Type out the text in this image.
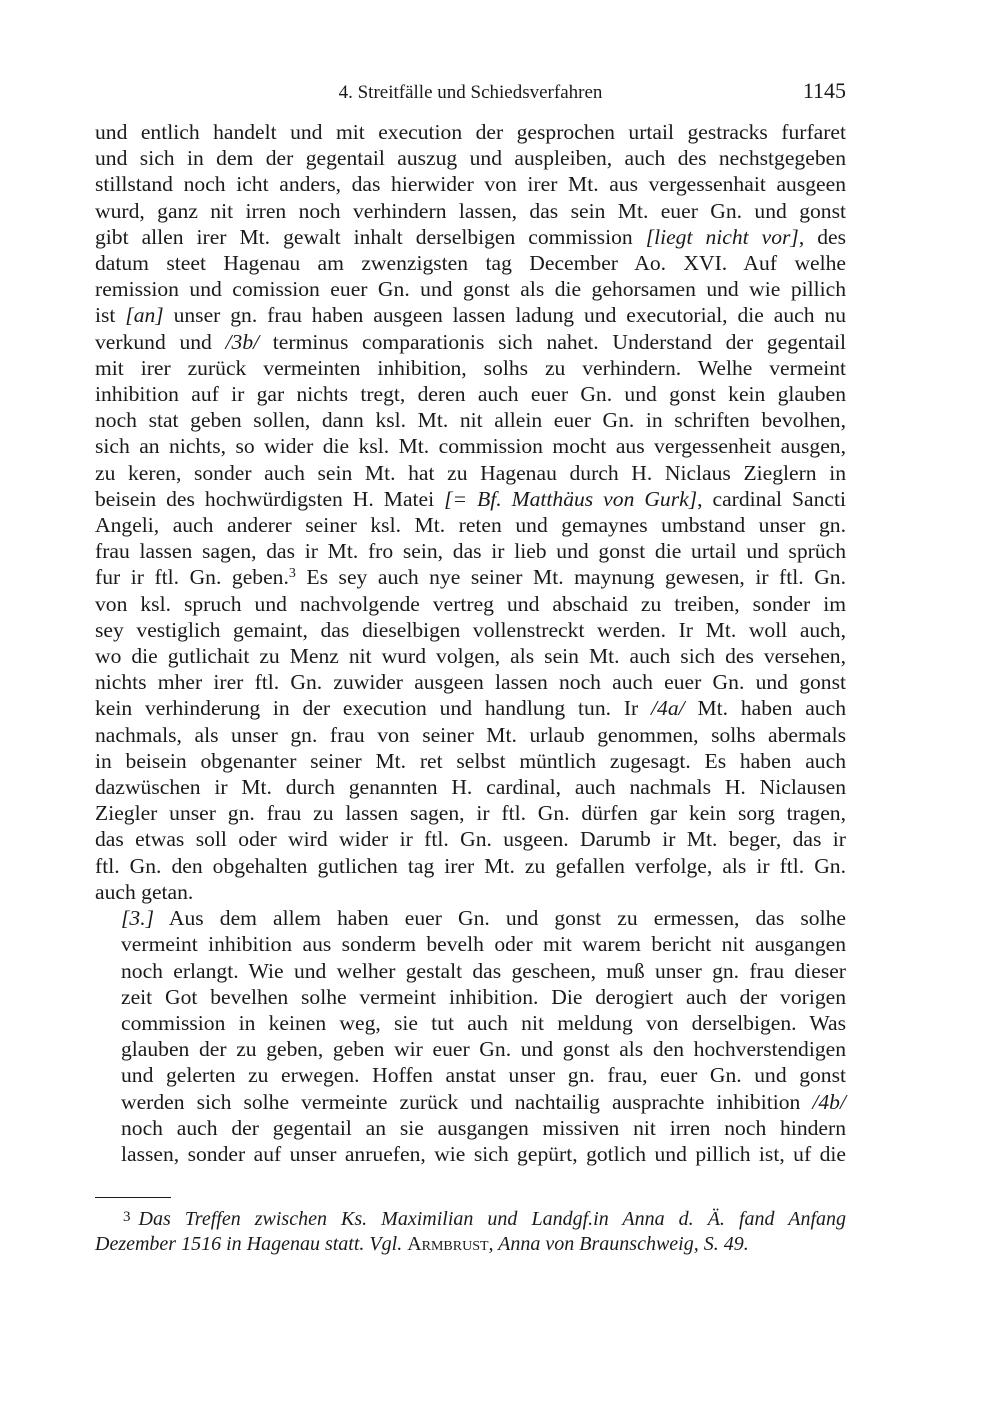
4. Streitfälle und Schiedsverfahren	1145

und entlich handelt und mit execution der gesprochen urtail gestracks furfaret
und sich in dem der gegentail auszug und auspleiben, auch des nechstgegeben
stillstand noch icht anders, das hierwider von irer Mt. aus vergessenhait ausgeen
wurd, ganz nit irren noch verhindern lassen, das sein Mt. euer Gn. und gonst
gibt allen irer Mt. gewalt inhalt derselbigen commission [liegt nicht vor], des
datum steet Hagenau am zwenzigsten tag December Ao. XVI. Auf welhe
remission und comission euer Gn. und gonst als die gehorsamen und wie pillich
ist [an] unser gn. frau haben ausgeen lassen ladung und executorial, die auch nu
verkund und /3b/ terminus comparationis sich nahet. Understand der gegentail
mit irer zurück vermeinten inhibition, solhs zu verhindern. Welhe vermeint
inhibition auf ir gar nichts tregt, deren auch euer Gn. und gonst kein glauben
noch stat geben sollen, dann ksl. Mt. nit allein euer Gn. in schriften bevolhen,
sich an nichts, so wider die ksl. Mt. commission mocht aus vergessenheit ausgen,
zu keren, sonder auch sein Mt. hat zu Hagenau durch H. Niclaus Zieglern in
beisein des hochwürdigsten H. Matei [= Bf. Matthäus von Gurk], cardinal Sancti
Angeli, auch anderer seiner ksl. Mt. reten und gemaynes umbstand unser gn.
frau lassen sagen, das ir Mt. fro sein, das ir lieb und gonst die urtail und sprüch
fur ir ftl. Gn. geben.$^3$ Es sey auch nye seiner Mt. maynung gewesen, ir ftl. Gn.
von ksl. spruch und nachvolgende vertreg und abschaid zu treiben, sonder im
sey vestiglich gemaint, das dieselbigen vollenstreckt werden. Ir Mt. woll auch,
wo die gutlichait zu Menz nit wurd volgen, als sein Mt. auch sich des versehen,
nichts mher irer ftl. Gn. zuwider ausgeen lassen noch auch euer Gn. und gonst
kein verhinderung in der execution und handlung tun. Ir /4a/ Mt. haben auch
nachmals, als unser gn. frau von seiner Mt. urlaub genommen, solhs abermals
in beisein obgenanter seiner Mt. ret selbst müntlich zugesagt. Es haben auch
dazwüschen ir Mt. durch genannten H. cardinal, auch nachmals H. Niclausen
Ziegler unser gn. frau zu lassen sagen, ir ftl. Gn. dürfen gar kein sorg tragen,
das etwas soll oder wird wider ir ftl. Gn. usgeen. Darumb ir Mt. beger, das ir
ftl. Gn. den obgehalten gutlichen tag irer Mt. zu gefallen verfolge, als ir ftl. Gn.
auch getan.

[3.] Aus dem allem haben euer Gn. und gonst zu ermessen, das solhe
vermeint inhibition aus sonderm bevelh oder mit warem bericht nit ausgangen
noch erlangt. Wie und welher gestalt das gescheen, muß unser gn. frau dieser
zeit Got bevelhen solhe vermeint inhibition. Die derogiert auch der vorigen
commission in keinen weg, sie tut auch nit meldung von derselbigen. Was
glauben der zu geben, geben wir euer Gn. und gonst als den hochverstendigen
und gelerten zu erwegen. Hoffen anstat unser gn. frau, euer Gn. und gonst
werden sich solhe vermeinte zurück und nachtailig ausprachte inhibition /4b/
noch auch der gegentail an sie ausgangen missiven nit irren noch hindern
lassen, sonder auf unser anruefen, wie sich gepürt, gotlich und pillich ist, uf die

$^3$ Das Treffen zwischen Ks. Maximilian und Landgf.in Anna d. Ä. fand Anfang
Dezember 1516 in Hagenau statt. Vgl. Armbrust, Anna von Braunschweig, S. 49.
